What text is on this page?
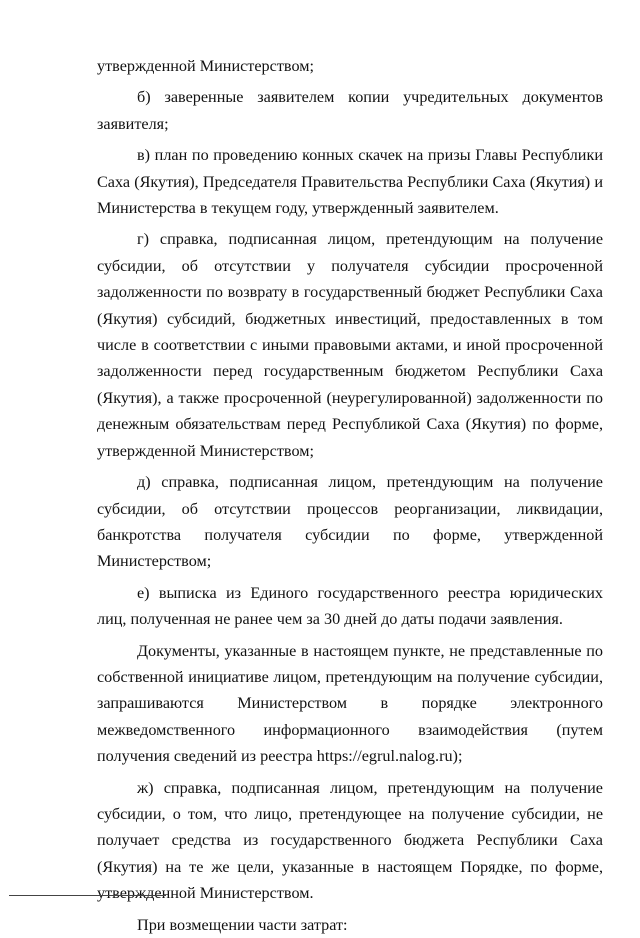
утвержденной Министерством;

б) заверенные заявителем копии учредительных документов заявителя;

в) план по проведению конных скачек на призы Главы Республики Саха (Якутия), Председателя Правительства Республики Саха (Якутия) и Министерства в текущем году, утвержденный заявителем.

г) справка, подписанная лицом, претендующим на получение субсидии, об отсутствии у получателя субсидии просроченной задолженности по возврату в государственный бюджет Республики Саха (Якутия) субсидий, бюджетных инвестиций, предоставленных в том числе в соответствии с иными правовыми актами, и иной просроченной задолженности перед государственным бюджетом Республики Саха (Якутия), а также просроченной (неурегулированной) задолженности по денежным обязательствам перед Республикой Саха (Якутия) по форме, утвержденной Министерством;

д) справка, подписанная лицом, претендующим на получение субсидии, об отсутствии процессов реорганизации, ликвидации, банкротства получателя субсидии по форме, утвержденной Министерством;

е) выписка из Единого государственного реестра юридических лиц, полученная не ранее чем за 30 дней до даты подачи заявления.

Документы, указанные в настоящем пункте, не представленные по собственной инициативе лицом, претендующим на получение субсидии, запрашиваются Министерством в порядке электронного межведомственного информационного взаимодействия (путем получения сведений из реестра https://egrul.nalog.ru);

ж) справка, подписанная лицом, претендующим на получение субсидии, о том, что лицо, претендующее на получение субсидии, не получает средства из государственного бюджета Республики Саха (Якутия) на те же цели, указанные в настоящем Порядке, по форме, утвержденной Министерством.

При возмещении части затрат:
